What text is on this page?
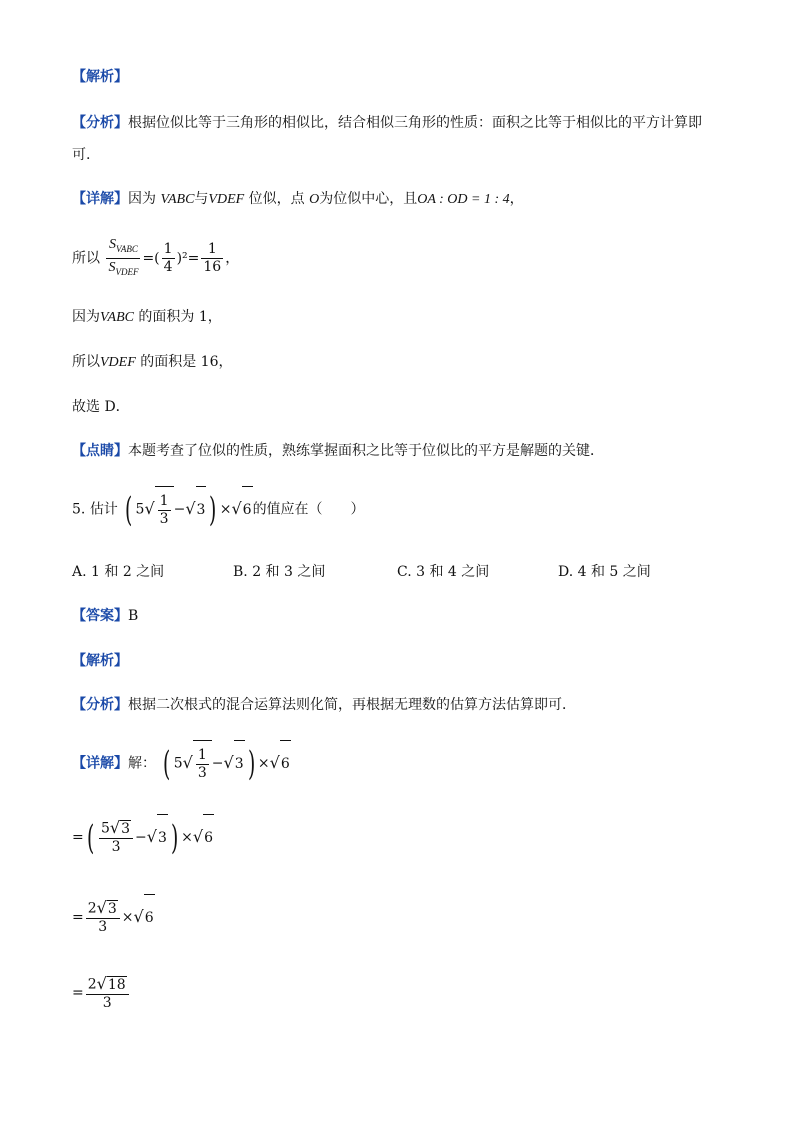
【解析】
【分析】根据位似比等于三角形的相似比，结合相似三角形的性质：面积之比等于相似比的平方计算即
可.
【详解】因为 VABC与VDEF 位似，点 O为位似中心，且OA : OD = 1 : 4，
所以 $\frac{S_{VABC}}{S_{VDEF}}$ =( $\frac{1}{4} )^2= \frac{1}{16}$ ，
因为VABC 的面积为 1，
所以VDEF 的面积是 16，
故选 D．
【点睛】本题考查了位似的性质，熟练掌握面积之比等于位似比的平方是解题的关键．
5. 估计 ( $5√ \frac{1}{3} -√3$ ) ×√6的值应在（　　）
A. 1 和 2 之间	B. 2 和 3 之间	C. 3 和 4 之间	D. 4 和 5 之间
【答案】B
【解析】
【分析】根据二次根式的混合运算法则化简，再根据无理数的估算方法估算即可．
【详解】解： ( $5√ \frac{1}{3} -√3$ ) ×√6
=( $\frac{5√3}{3} -√3$ ) ×√6
= $\frac{2√3}{3} \times√6$
= $\frac{2√18}{3}$
